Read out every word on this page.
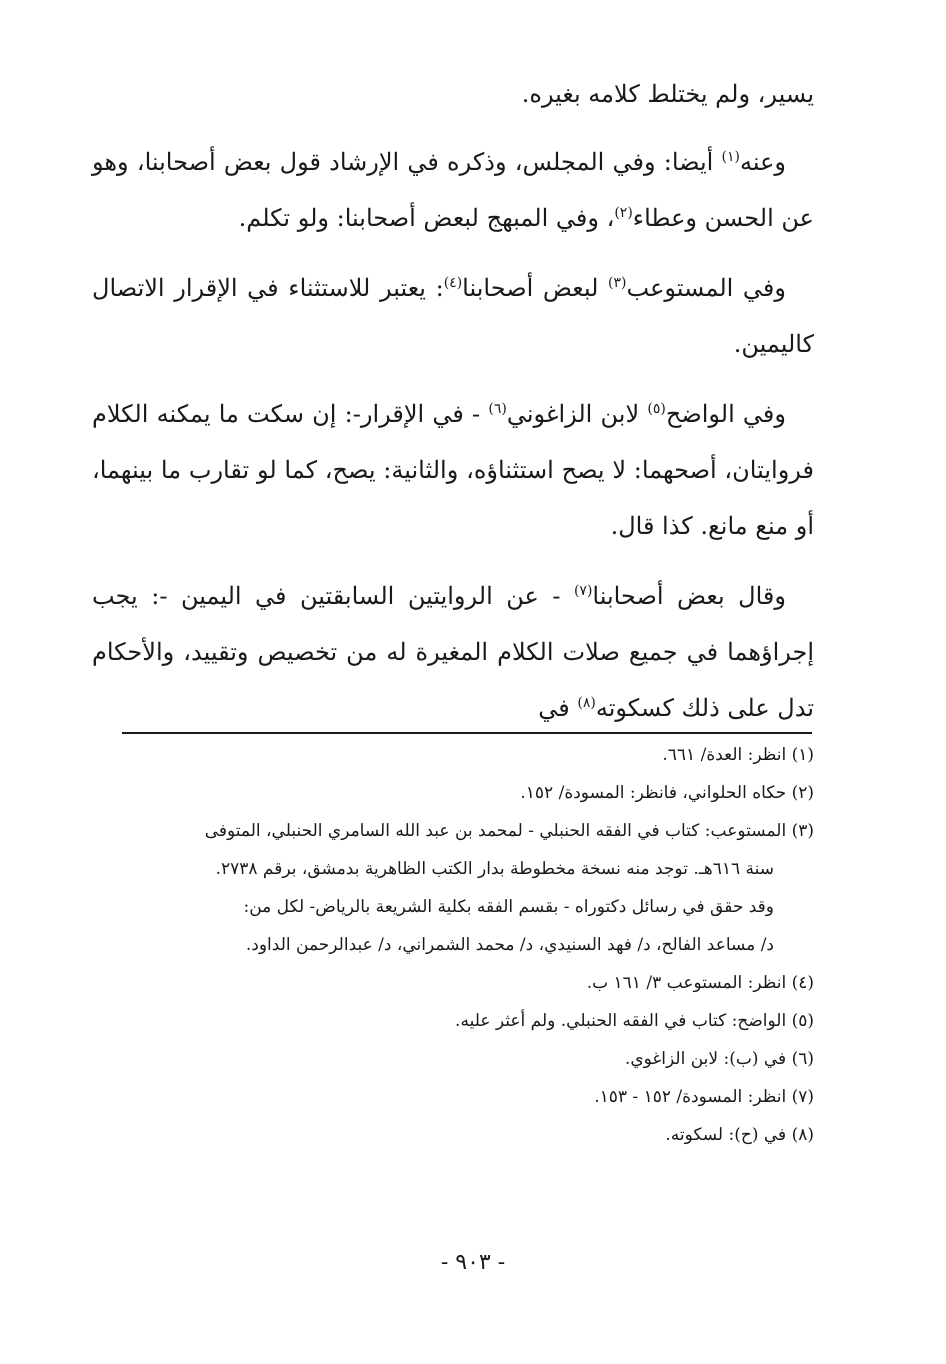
يسير، ولم يختلط كلامه بغيره.

وعنه$^{(١)}$ أيضا: وفي المجلس، وذكره في الإرشاد قول بعض أصحابنا، وهو عن الحسن وعطاء$^{(٢)}$، وفي المبهج لبعض أصحابنا: ولو تكلم.

وفي المستوعب$^{(٣)}$ لبعض أصحابنا$^{(٤)}$: يعتبر للاستثناء في الإقرار الاتصال كاليمين.

وفي الواضح$^{(٥)}$ لابن الزاغوني$^{(٦)}$ - في الإقرار-: إن سكت ما يمكنه الكلام فروايتان، أصحهما: لا يصح استثناؤه، والثانية: يصح، كما لو تقارب ما بينهما، أو منع مانع. كذا قال.

وقال بعض أصحابنا$^{(٧)}$ - عن الروايتين السابقتين في اليمين -: يجب إجراؤهما في جميع صلات الكلام المغيرة له من تخصيص وتقييد، والأحكام تدل على ذلك كسكوته$^{(٨)}$ في

(١) انظر: العدة/ ٦٦١.

(٢) حكاه الحلواني، فانظر: المسودة/ ١٥٢.

(٣) المستوعب: كتاب في الفقه الحنبلي - لمحمد بن عبد الله السامري الحنبلي، المتوفى

سنة ٦١٦هـ. توجد منه نسخة مخطوطة بدار الكتب الظاهرية بدمشق، برقم ٢٧٣٨.

وقد حقق في رسائل دكتوراه - بقسم الفقه بكلية الشريعة بالرياض- لكل من:

د/ مساعد الفالح، د/ فهد السنيدي، د/ محمد الشمراني، د/ عبدالرحمن الداود.

(٤) انظر: المستوعب ٣/ ١٦١ ب.

(٥) الواضح: كتاب في الفقه الحنبلي. ولم أعثر عليه.

(٦) في (ب): لابن الزاغوي.

(٧) انظر: المسودة/ ١٥٢ - ١٥٣.

(٨) في (ح): لسكوته.

- ٩٠٣ -
